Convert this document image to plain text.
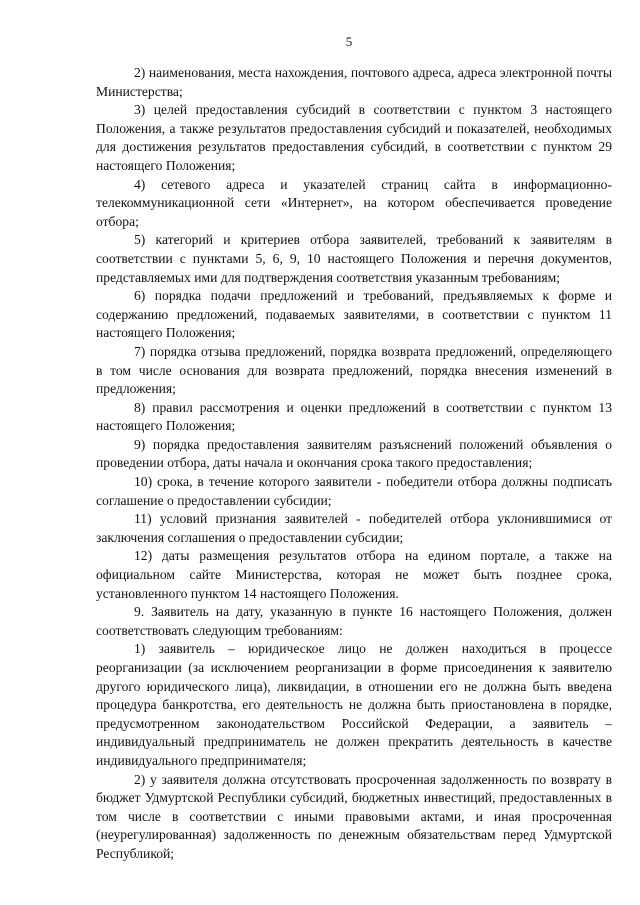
5

2) наименования, места нахождения, почтового адреса, адреса электронной почты Министерства;

3) целей предоставления субсидий в соответствии с пунктом 3 настоящего Положения, а также результатов предоставления субсидий и показателей, необходимых для достижения результатов предоставления субсидий, в соответствии с пунктом 29 настоящего Положения;

4) сетевого адреса и указателей страниц сайта в информационно-телекоммуникационной сети «Интернет», на котором обеспечивается проведение отбора;

5) категорий и критериев отбора заявителей, требований к заявителям в соответствии с пунктами 5, 6, 9, 10 настоящего Положения и перечня документов, представляемых ими для подтверждения соответствия указанным требованиям;

6) порядка подачи предложений и требований, предъявляемых к форме и содержанию предложений, подаваемых заявителями, в соответствии с пунктом 11 настоящего Положения;

7) порядка отзыва предложений, порядка возврата предложений, определяющего в том числе основания для возврата предложений, порядка внесения изменений в предложения;

8) правил рассмотрения и оценки предложений в соответствии с пунктом 13 настоящего Положения;

9) порядка предоставления заявителям разъяснений положений объявления о проведении отбора, даты начала и окончания срока такого предоставления;

10) срока, в течение которого заявители - победители отбора должны подписать соглашение о предоставлении субсидии;

11) условий признания заявителей - победителей отбора уклонившимися от заключения соглашения о предоставлении субсидии;

12) даты размещения результатов отбора на едином портале, а также на официальном сайте Министерства, которая не может быть позднее срока, установленного пунктом 14 настоящего Положения.

9. Заявитель на дату, указанную в пункте 16 настоящего Положения, должен соответствовать следующим требованиям:

1) заявитель – юридическое лицо не должен находиться в процессе реорганизации (за исключением реорганизации в форме присоединения к заявителю другого юридического лица), ликвидации, в отношении его не должна быть введена процедура банкротства, его деятельность не должна быть приостановлена в порядке, предусмотренном законодательством Российской Федерации, а заявитель – индивидуальный предприниматель не должен прекратить деятельность в качестве индивидуального предпринимателя;

2) у заявителя должна отсутствовать просроченная задолженность по возврату в бюджет Удмуртской Республики субсидий, бюджетных инвестиций, предоставленных в том числе в соответствии с иными правовыми актами, и иная просроченная (неурегулированная) задолженность по денежным обязательствам перед Удмуртской Республикой;
